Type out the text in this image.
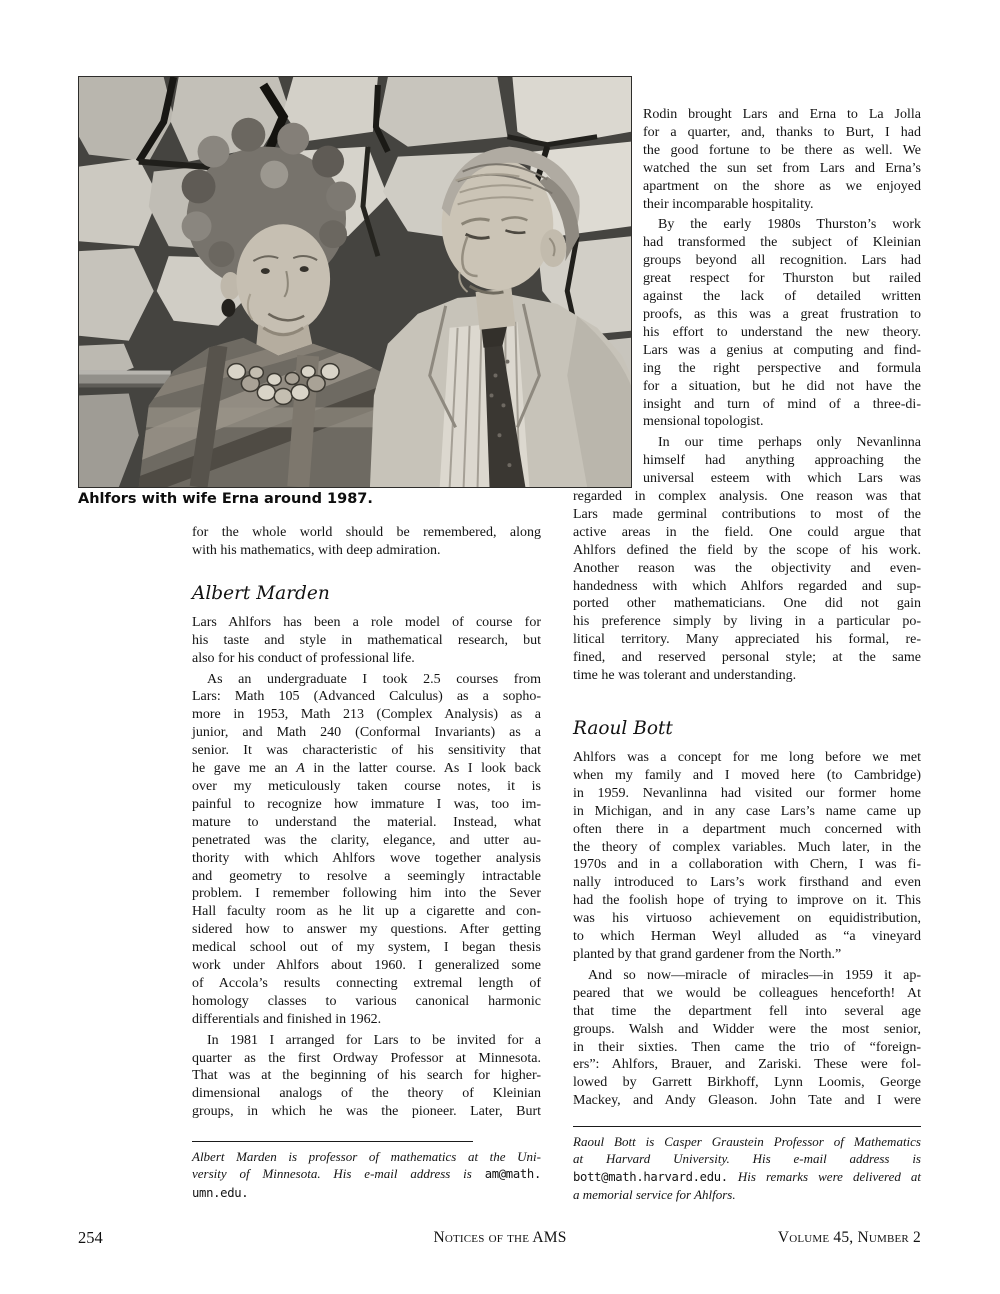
Ahlfors with wife Erna around 1987.
for the whole world should be remembered, along
with his mathematics, with deep admiration.
Albert Marden
Lars Ahlfors has been a role model of course for
his taste and style in mathematical research, but
also for his conduct of professional life.
As an undergraduate I took 2.5 courses from
Lars: Math 105 (Advanced Calculus) as a sopho-
more in 1953, Math 213 (Complex Analysis) as a
junior, and Math 240 (Conformal Invariants) as a
senior. It was characteristic of his sensitivity that
he gave me an A in the latter course. As I look back
over my meticulously taken course notes, it is
painful to recognize how immature I was, too im-
mature to understand the material. Instead, what
penetrated was the clarity, elegance, and utter au-
thority with which Ahlfors wove together analysis
and geometry to resolve a seemingly intractable
problem. I remember following him into the Sever
Hall faculty room as he lit up a cigarette and con-
sidered how to answer my questions. After getting
medical school out of my system, I began thesis
work under Ahlfors about 1960. I generalized some
of Accola’s results connecting extremal length of
homology classes to various canonical harmonic
differentials and finished in 1962.
In 1981 I arranged for Lars to be invited for a
quarter as the first Ordway Professor at Minnesota.
That was at the beginning of his search for higher-
dimensional analogs of the theory of Kleinian
groups, in which he was the pioneer. Later, Burt
Rodin brought Lars and Erna to La Jolla
for a quarter, and, thanks to Burt, I had
the good fortune to be there as well. We
watched the sun set from Lars and Erna’s
apartment on the shore as we enjoyed
their incomparable hospitality.
By the early 1980s Thurston’s work
had transformed the subject of Kleinian
groups beyond all recognition. Lars had
great respect for Thurston but railed
against the lack of detailed written
proofs, as this was a great frustration to
his effort to understand the new theory.
Lars was a genius at computing and find-
ing the right perspective and formula
for a situation, but he did not have the
insight and turn of mind of a three-di-
mensional topologist.
In our time perhaps only Nevanlinna
himself had anything approaching the
universal esteem with which Lars was
regarded in complex analysis. One reason was that
Lars made germinal contributions to most of the
active areas in the field. One could argue that
Ahlfors defined the field by the scope of his work.
Another reason was the objectivity and even-
handedness with which Ahlfors regarded and sup-
ported other mathematicians. One did not gain
his preference simply by living in a particular po-
litical territory. Many appreciated his formal, re-
fined, and reserved personal style; at the same
time he was tolerant and understanding.
Raoul Bott
Ahlfors was a concept for me long before we met
when my family and I moved here (to Cambridge)
in 1959. Nevanlinna had visited our former home
in Michigan, and in any case Lars’s name came up
often there in a department much concerned with
the theory of complex variables. Much later, in the
1970s and in a collaboration with Chern, I was fi-
nally introduced to Lars’s work firsthand and even
had the foolish hope of trying to improve on it. This
was his virtuoso achievement on equidistribution,
to which Herman Weyl alluded as “a vineyard
planted by that grand gardener from the North.”
And so now—miracle of miracles—in 1959 it ap-
peared that we would be colleagues henceforth! At
that time the department fell into several age
groups. Walsh and Widder were the most senior,
in their sixties. Then came the trio of “foreign-
ers”: Ahlfors, Brauer, and Zariski. These were fol-
lowed by Garrett Birkhoff, Lynn Loomis, George
Mackey, and Andy Gleason. John Tate and I were
Albert Marden is professor of mathematics at the Uni-
versity of Minnesota. His e-mail address is am@math.
umn.edu.
Raoul Bott is Casper Graustein Professor of Mathematics
at Harvard University. His e-mail address is
bott@math.harvard.edu. His remarks were delivered at
a memorial service for Ahlfors.
254	Notices of the AMS	Volume 45, Number 2
